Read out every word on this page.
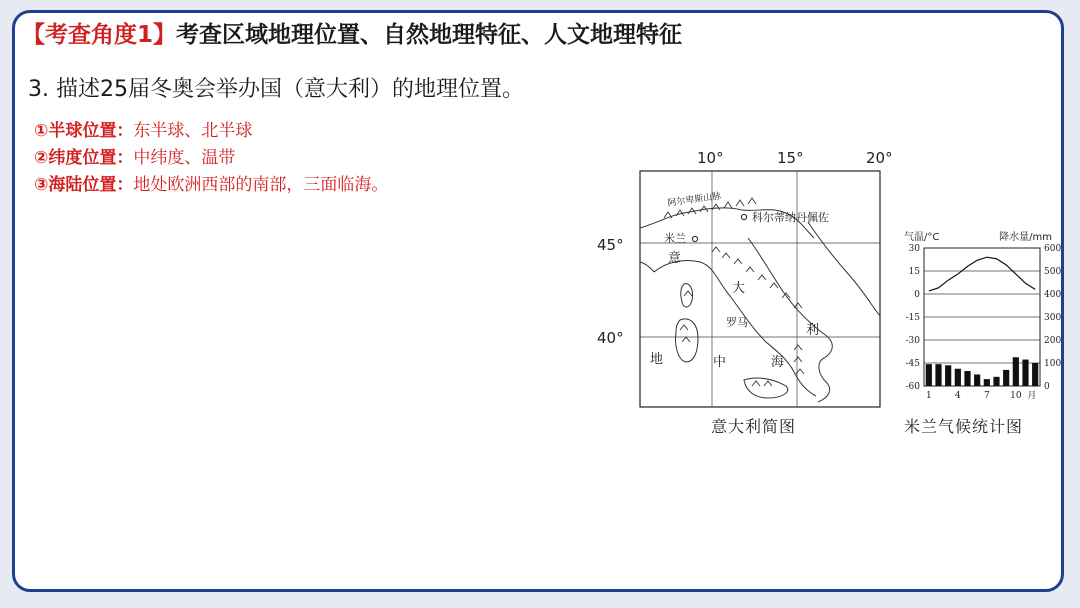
【考查角度1】考查区域地理位置、自然地理特征、人文地理特征
3. 描述25届冬奥会举办国（意大利）的地理位置。
①半球位置：东半球、北半球
②纬度位置：中纬度、温带
③海陆位置：地处欧洲西部的南部，三面临海。
10°	15°	20°
45°
40°
阿尔卑斯山脉
米兰
科尔蒂纳丹佩佐
罗马
意
大
利
地	中	海
意大利简图
30
15
0
-15
-30
-45
-60
600
500
400
300
200
100
0
气温/°C	降水量/mm
1	4	7 10 月
米兰气候统计图
